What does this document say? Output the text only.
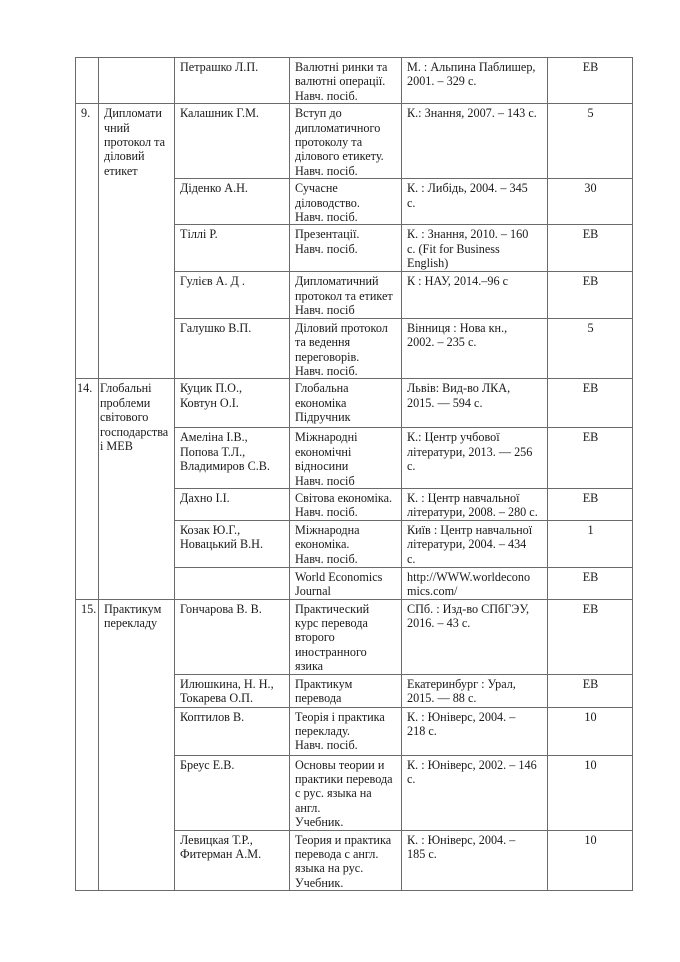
		Петрашко Л.П.	Валютні ринки та
валютні операції.
Навч. посіб.	М. : Альпина Паблишер,
2001. – 329 с.	ЕВ
9.	Дипломати
чний
протокол та
діловий
етикет	Калашник Г.М.	Вступ до
дипломатичного
протоколу та
ділового етикету.
Навч. посіб.	К.: Знання, 2007. – 143 с.	5
		Діденко А.Н.	Сучасне
діловодство.
Навч. посіб.	К. : Либідь, 2004. – 345
с.	30
		Тіллі Р.	Презентації.
Навч. посіб.	К. : Знання, 2010. – 160
с. (Fit for Business
English)	ЕВ
		Гулієв А. Д .	Дипломатичний
протокол та етикет
Навч. посіб	К : НАУ, 2014.–96 с	ЕВ
		Галушко В.П.	Діловий протокол
та ведення
переговорів.
Навч. посіб.	Вінниця : Нова кн.,
2002. – 235 с.	5
14.	Глобальні
проблеми
світового
господарства
і МЕВ	Куцик П.О.,
Ковтун О.І.	Глобальна
економіка
Підручник	Львів: Вид-во ЛКА,
2015. — 594 с.	ЕВ
		Амеліна І.В.,
Попова Т.Л.,
Владимиров С.В.	Міжнародні
економічні
відносини
Навч. посіб	К.: Центр учбової
літератури, 2013. — 256
с.	ЕВ
		Дахно І.І.	Світова економіка.
Навч. посіб.	К. : Центр навчальної
літератури, 2008. – 280 с.	ЕВ
		Козак Ю.Г.,
Новацький В.Н.	Міжнародна
економіка.
Навч. посіб.	Київ : Центр навчальної
літератури, 2004. – 434
с.	1
			World Economics
Journal	http://WWW.worldecono
mics.com/	ЕВ
15.	Практикум
перекладу	Гончарова В. В.	Практический
курс перевода
второго
иностранного
язика	СПб. : Изд-во СПбГЭУ,
2016. – 43 с.	ЕВ
		Илюшкина, Н. Н.,
Токарева О.П.	Практикум
перевода	Екатеринбург : Урал,
2015. — 88 с.	ЕВ
		Коптилов В.	Теорія і практика
перекладу.
Навч. посіб.	К. : Юніверс, 2004. –
218 с.	10
		Бреус Е.В.	Основы теории и
практики перевода
с рус. языка на
англ.
Учебник.	К. : Юніверс, 2002. – 146
с.	10
		Левицкая Т.Р.,
Фитерман А.М.	Теория и практика
перевода с англ.
языка на рус.
Учебник.	К. : Юніверс, 2004. –
185 с.	10
